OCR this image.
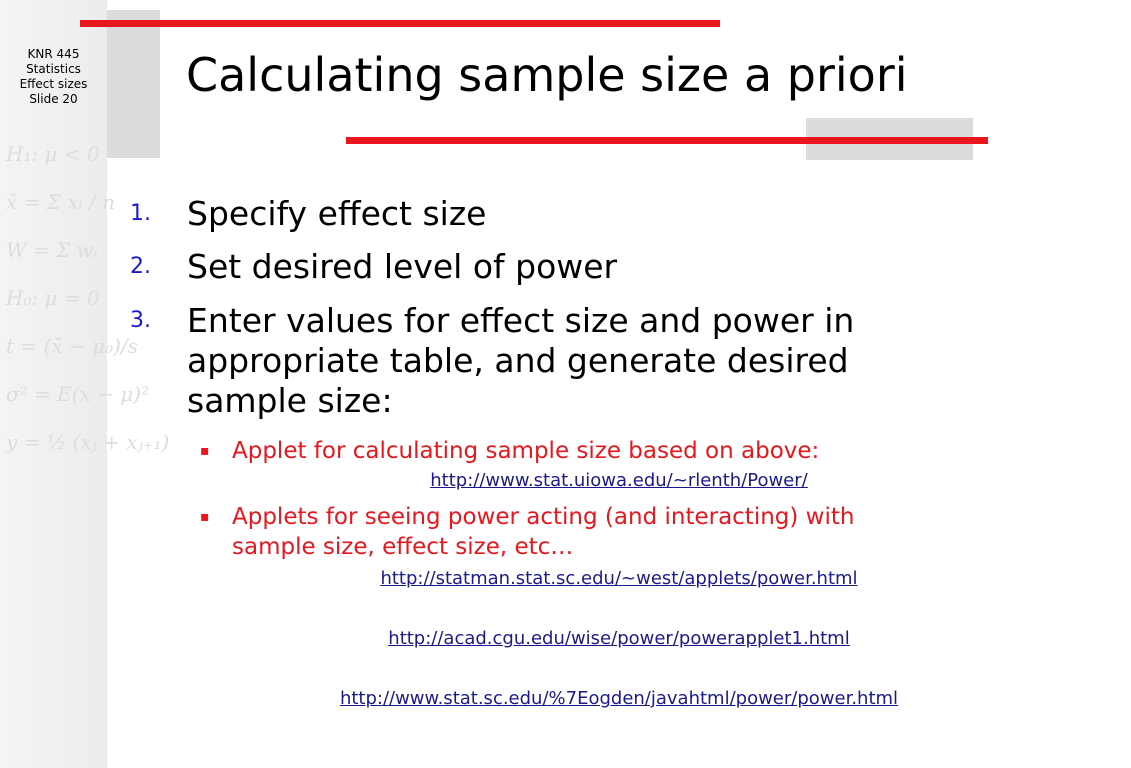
H₁: μ < 0
x̄ = Σ xᵢ / n
W = Σ wᵢ
H₀: μ = 0
t = (x̄ − μ₀)/s
σ² = E(x − μ)²
y = ½ (xⱼ + xⱼ₊₁)
KNR 445
Statistics
Effect sizes
Slide 20	Calculating sample size a priori
1. Specify effect size
2. Set desired level of power
3. Enter values for effect size and power in appropriate table, and generate desired sample size:
▪ Applet for calculating sample size based on above:
http://www.stat.uiowa.edu/~rlenth/Power/
▪ Applets for seeing power acting (and interacting) with sample size, effect size, etc…
http://statman.stat.sc.edu/~west/applets/power.html
http://acad.cgu.edu/wise/power/powerapplet1.html
http://www.stat.sc.edu/%7Eogden/javahtml/power/power.html
